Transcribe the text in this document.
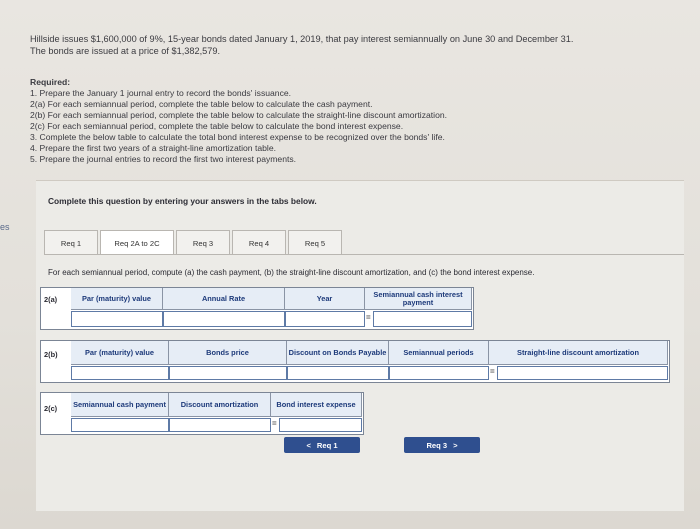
es
Hillside issues $1,600,000 of 9%, 15-year bonds dated January 1, 2019, that pay interest semiannually on June 30 and December 31.
The bonds are issued at a price of $1,382,579.
Required:
1. Prepare the January 1 journal entry to record the bonds' issuance.
2(a) For each semiannual period, complete the table below to calculate the cash payment.
2(b) For each semiannual period, complete the table below to calculate the straight-line discount amortization.
2(c) For each semiannual period, complete the table below to calculate the bond interest expense.
3. Complete the below table to calculate the total bond interest expense to be recognized over the bonds' life.
4. Prepare the first two years of a straight-line amortization table.
5. Prepare the journal entries to record the first two interest payments.
Complete this question by entering your answers in the tabs below.
Req 1	Req 2A to 2C	Req 3	Req 4	Req 5
For each semiannual period, compute (a) the cash payment, (b) the straight-line discount amortization, and (c) the bond interest expense.
2(a)	Par (maturity) value	Annual Rate	Year	Semiannual cash interest payment
=
2(b)	Par (maturity) value	Bonds price	Discount on Bonds Payable	Semiannual periods	Straight-line discount amortization
=
2(c) Semiannual cash payment	Discount amortization	Bond interest expense
=
< Req 1	Req 3 >
